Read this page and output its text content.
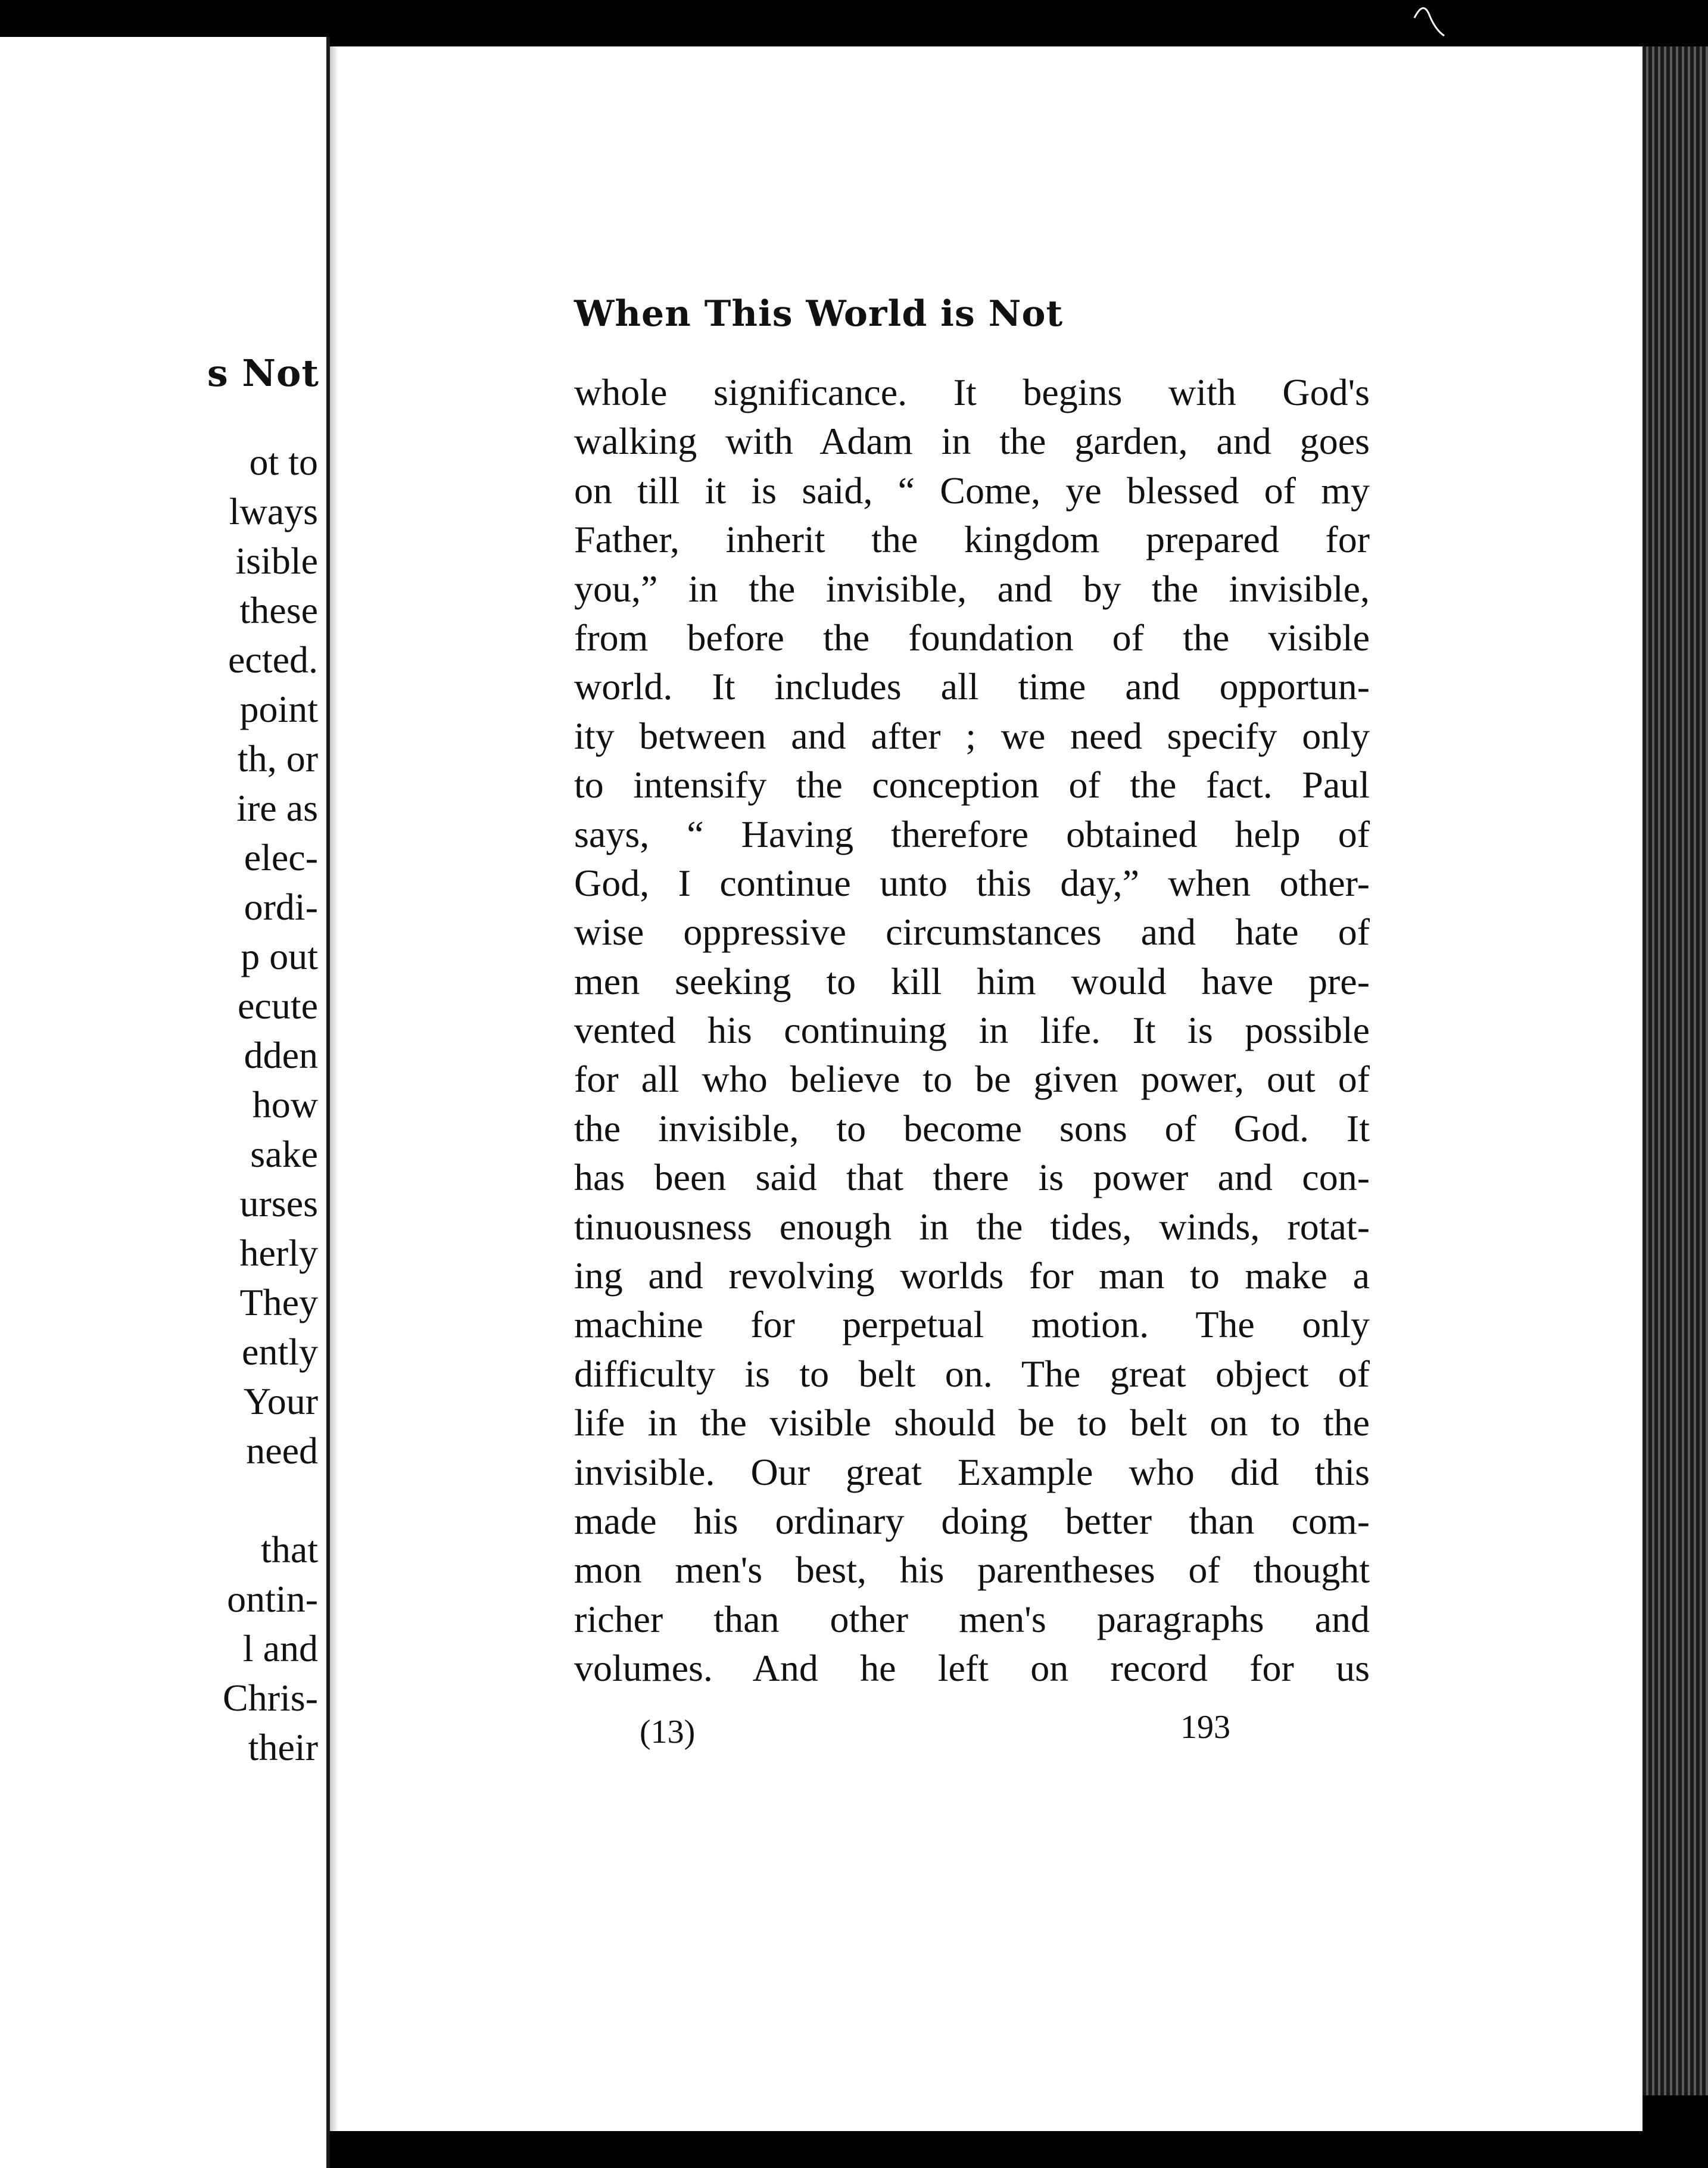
s Not
ot to
lways
isible
these
ected.
point
th, or
ire as
elec-
ordi-
p out
ecute
dden
how
sake
urses
herly
They
ently
Your
need
that
ontin-
l and
Chris-
their
When This World is Not
whole significance. It begins with God's
walking with Adam in the garden, and goes
on till it is said, “ Come, ye blessed of my
Father, inherit the kingdom prepared for
you,” in the invisible, and by the invisible,
from before the foundation of the visible
world. It includes all time and opportun-
ity between and after ; we need specify only
to intensify the conception of the fact. Paul
says, “ Having therefore obtained help of
God, I continue unto this day,” when other-
wise oppressive circumstances and hate of
men seeking to kill him would have pre-
vented his continuing in life. It is possible
for all who believe to be given power, out of
the invisible, to become sons of God. It
has been said that there is power and con-
tinuousness enough in the tides, winds, rotat-
ing and revolving worlds for man to make a
machine for perpetual motion. The only
difficulty is to belt on. The great object of
life in the visible should be to belt on to the
invisible. Our great Example who did this
made his ordinary doing better than com-
mon men's best, his parentheses of thought
richer than other men's paragraphs and
volumes. And he left on record for us
(13)	193
